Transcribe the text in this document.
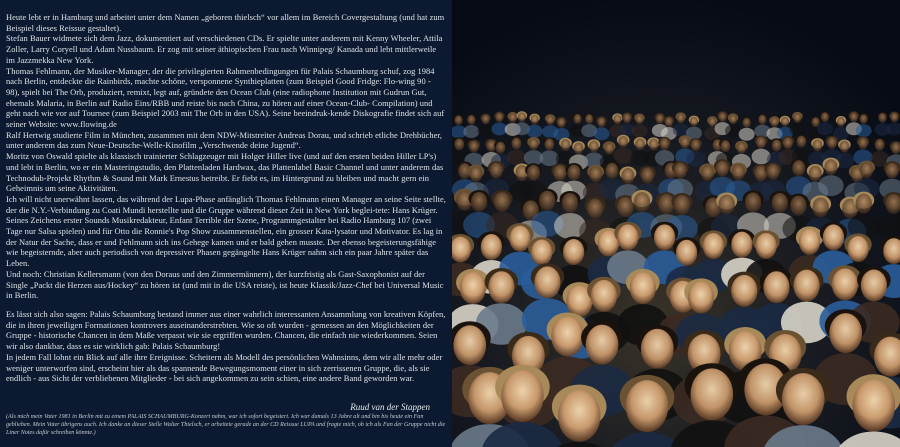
Heute lebt er in Hamburg und arbeitet unter dem Namen „geboren thielsch“ vor allem im Bereich Covergestaltung (und hat zum Beispiel dieses Reissue gestaltet).

Stefan Bauer widmete sich dem Jazz, dokumentiert auf verschiedenen CDs. Er spielte unter anderem mit Kenny Wheeler, Attila Zoller, Larry Coryell und Adam Nussbaum. Er zog mit seiner äthiopischen Frau nach Winnipeg/ Kanada und lebt mittlerweile im Jazzmekka New York.

Thomas Fehlmann, der Musiker-Manager, der die privilegierten Rahmenbedingungen für Palais Schaumburg schuf, zog 1984 nach Berlin, entdeckte die Rainbirds, machte schöne, versponnene Synthieplatten (zum Beispiel Good Fridge: Flo-wing 90 - 98), spielt bei The Orb, produziert, remixt, legt auf, gründete den Ocean Club (eine radiophone Institution mit Gudrun Gut, ehemals Malaria, in Berlin auf Radio Eins/RBB und reiste bis nach China, zu hören auf einer Ocean-Club- Compilation) und geht nach wie vor auf Tournee (zum Beispiel 2003 mit The Orb in den USA). Seine beeindruk-kende Diskografie findet sich auf seiner Website: www.flowing.de

Ralf Hertwig studierte Film in München, zusammen mit dem NDW-Mitstreiter Andreas Dorau, und schrieb etliche Drehbücher, unter anderem das zum Neue-Deutsche-Welle-Kinofilm „Verschwende deine Jugend“.

Moritz von Oswald spielte als klassisch trainierter Schlagzeuger mit Holger Hiller live (und auf den ersten beiden Hiller LP's) und lebt in Berlin, wo er ein Masteringstudio, den Plattenladen Hardwax, das Plattenlabel Basic Channel und unter anderem das Technodub-Projekt Rhythm & Sound mit Mark Ernestus betreibt. Er fiebt es, im Hintergrund zu bleiben und macht gern ein Geheimnis um seine Aktivitäten.

Ich will nicht unerwähnt lassen, das während der Lupa-Phase anfänglich Thomas Fehlmann einen Manager an seine Seite stellte, der die N.Y.-Verbindung zu Coati Mundi herstellte und die Gruppe während dieser Zeit in New York beglei-tete: Hans Krüger. Seines Zeichens erster Sounds Musikredakteur, Enfant Terrible der Szene, Programmgestalter bei Radio Hamburg 107 (zwei Tage nur Salsa spielen) und für Otto die Ronnie's Pop Show zusammenstellen, ein grosser Kata-lysator und Motivator. Es lag in der Natur der Sache, dass er und Fehlmann sich ins Gehege kamen und er bald gehen musste. Der ebenso begeisterungsfähige wie begeisternde, aber auch periodisch von depressiver Phasen gegängelte Hans Krüger nahm sich ein paar Jahre später das Leben.

Und noch: Christian Kellersmann (von den Doraus und den Zimmermännern), der kurzfristig als Gast-Saxophonist auf der Single „Packt die Herzen aus/Hockey“ zu hören ist (und mit in die USA reiste), ist heute Klassik/Jazz-Chef bei Universal Music in Berlin.

Es lässt sich also sagen: Palais Schaumburg bestand immer aus einer wahrlich interessanten Ansammlung von kreativen Köpfen, die in ihren jeweiligen Formationen kontrovers auseinanderstrebten. Wie so oft wurden - gemessen an den Möglichkeiten der Gruppe - historische Chancen in dem Maße verpasst wie sie ergriffen wurden. Chancen, die einfach nie wiederkommen. Seien wir also dankbar, dass es sie wirklich gab: Palais Schaumburg!

In jedem Fall lohnt ein Blick auf alle ihre Ereignisse. Scheitern als Modell des persönlichen Wahnsinns, dem wir alle mehr oder weniger unterworfen sind, erscheint hier als das spannende Bewegungsmoment einer in sich zerrissenen Gruppe, die, als sie endlich - aus Sicht der verbliebenen Mitglieder - bei sich angekommen zu sein schien, eine andere Band geworden war.

Ruud van der Stappen
(Als mich mein Vater 1981 in Berlin mit zu einem PALAIS SCHAUMBURG-Konzert nahm, war ich sofort begeistert. Ich war damals 13 Jahre alt und bin bis heute ein Fan geblieben. Mein Vater übrigens auch. Ich danke an dieser Stelle Walter Thielsch, er arbeitete gerade an der CD Reissue LUPA und fragte mich, ob ich als Fan der Gruppe nicht die Liner Notes dafür schreiben könnte.)
